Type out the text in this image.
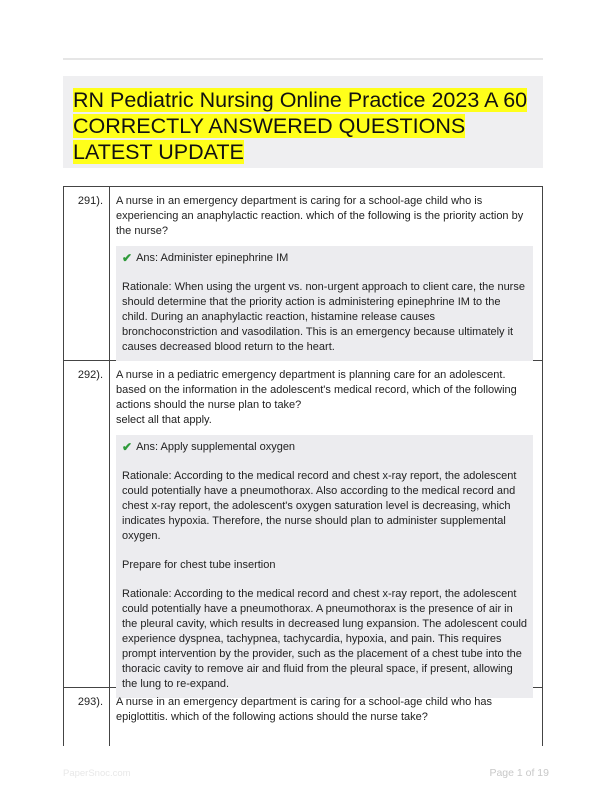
RN Pediatric Nursing Online Practice 2023 A 60 CORRECTLY ANSWERED QUESTIONS LATEST UPDATE
291).	A nurse in an emergency department is caring for a school-age child who is experiencing an anaphylactic reaction. which of the following is the priority action by the nurse?
✔ Ans: Administer epinephrine IM
Rationale: When using the urgent vs. non-urgent approach to client care, the nurse should determine that the priority action is administering epinephrine IM to the child. During an anaphylactic reaction, histamine release causes bronchoconstriction and vasodilation. This is an emergency because ultimately it causes decreased blood return to the heart.
292).	A nurse in a pediatric emergency department is planning care for an adolescent. based on the information in the adolescent's medical record, which of the following actions should the nurse plan to take?
select all that apply.
✔ Ans: Apply supplemental oxygen
Rationale: According to the medical record and chest x-ray report, the adolescent could potentially have a pneumothorax. Also according to the medical record and chest x-ray report, the adolescent's oxygen saturation level is decreasing, which indicates hypoxia. Therefore, the nurse should plan to administer supplemental oxygen.
Prepare for chest tube insertion
Rationale: According to the medical record and chest x-ray report, the adolescent could potentially have a pneumothorax. A pneumothorax is the presence of air in the pleural cavity, which results in decreased lung expansion. The adolescent could experience dyspnea, tachypnea, tachycardia, hypoxia, and pain. This requires prompt intervention by the provider, such as the placement of a chest tube into the thoracic cavity to remove air and fluid from the pleural space, if present, allowing the lung to re-expand.
293).	A nurse in an emergency department is caring for a school-age child who has epiglottitis. which of the following actions should the nurse take?
PaperSnoc.com	Page 1 of 19
